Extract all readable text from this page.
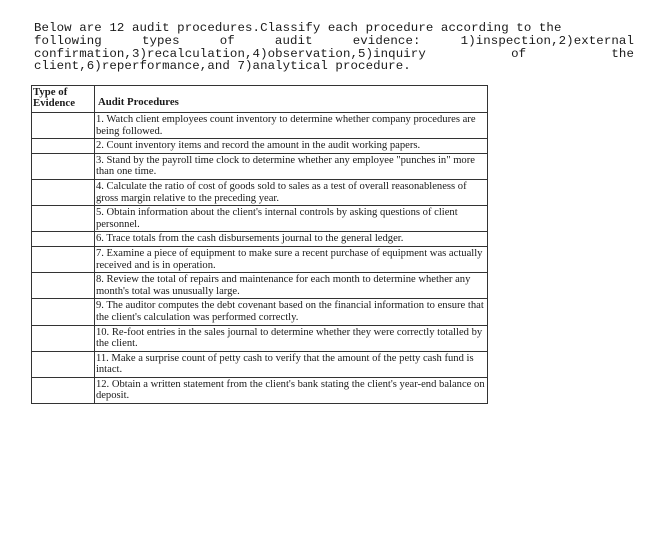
Below are 12 audit procedures.Classify each procedure according to the
following	types	of	audit	evidence:	1)inspection,2)external
confirmation,3)recalculation,4)observation,5)inquiry	of	the
client,6)reperformance,and 7)analytical procedure.
Type of
Evidence	Audit Procedures
	1. Watch client employees count inventory to determine whether company procedures are being followed.
	2. Count inventory items and record the amount in the audit working papers.
	3. Stand by the payroll time clock to determine whether any employee "punches in" more than one time.
	4. Calculate the ratio of cost of goods sold to sales as a test of overall reasonableness of gross margin relative to the preceding year.
	5. Obtain information about the client's internal controls by asking questions of client personnel.
	6. Trace totals from the cash disbursements journal to the general ledger.
	7. Examine a piece of equipment to make sure a recent purchase of equipment was actually received and is in operation.
	8. Review the total of repairs and maintenance for each month to determine whether any month's total was unusually large.
	9. The auditor computes the debt covenant based on the financial information to ensure that the client's calculation was performed correctly.
	10. Re-foot entries in the sales journal to determine whether they were correctly totalled by the client.
	11. Make a surprise count of petty cash to verify that the amount of the petty cash fund is intact.
	12. Obtain a written statement from the client's bank stating the client's year-end balance on deposit.
